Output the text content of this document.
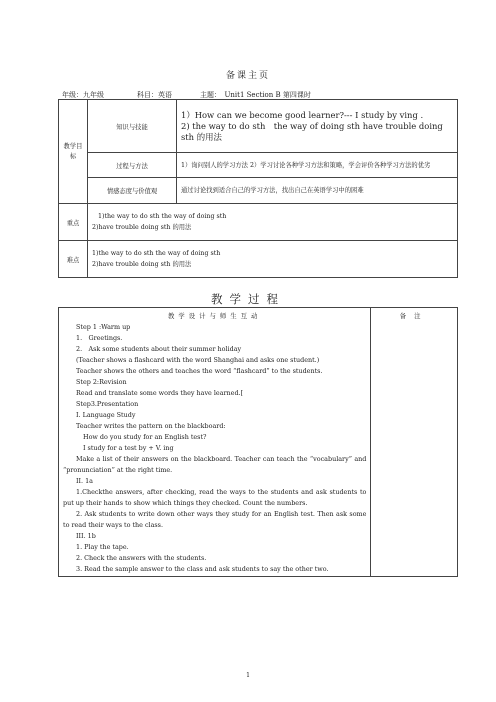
备课主页
年级：九年级	科目：英语	主题：　Unit1 Section B 第四课时
教学目标	知识与技能	1）How can we become good learner?--- I study by ving .
2) the way to do sth　the way of doing sth have trouble doing sth 的用法

	过程与方法	1）询问别人的学习方法 2）学习讨论各种学习方法和策略，学会评价各种学习方法的优劣
	情感态度与价值观	通过讨论找到适合自己的学习方法，找出自己在英语学习中的困难
重点	1)the way to do sth the way of doing sth
2)have trouble doing sth 的用法	

难点	1)the way to do sth the way of doing sth
2)have trouble doing sth 的用法	
教学过程
教学设计与师生互动
Step 1 :Warm up
1.　Greetings.
2.　Ask some students about their summer holiday
(Teacher shows a flashcard with the word Shanghai and asks one student.)
Teacher shows the others and teaches the word “flashcard” to the students.
Step 2:Revision
Read and translate some words they have learned.[
Step3.Presentation
I. Language Study
Teacher writes the pattern on the blackboard:
How do you study for an English test?
I study for a test by + V. ing
Make a list of their answers on the blackboard. Teacher can teach the “vocabulary” and “pronunciation” at the right time.
II. 1a
1.Checkthe answers, after checking, read the ways to the students and ask students to put up their hands to show which things they checked. Count the numbers.
2. Ask students to write down other ways they study for an English test. Then ask some to read their ways to the class.
III. 1b
1. Play the tape.
2. Check the answers with the students.
3. Read the sample answer to the class and ask students to say the other two.

备注
1
